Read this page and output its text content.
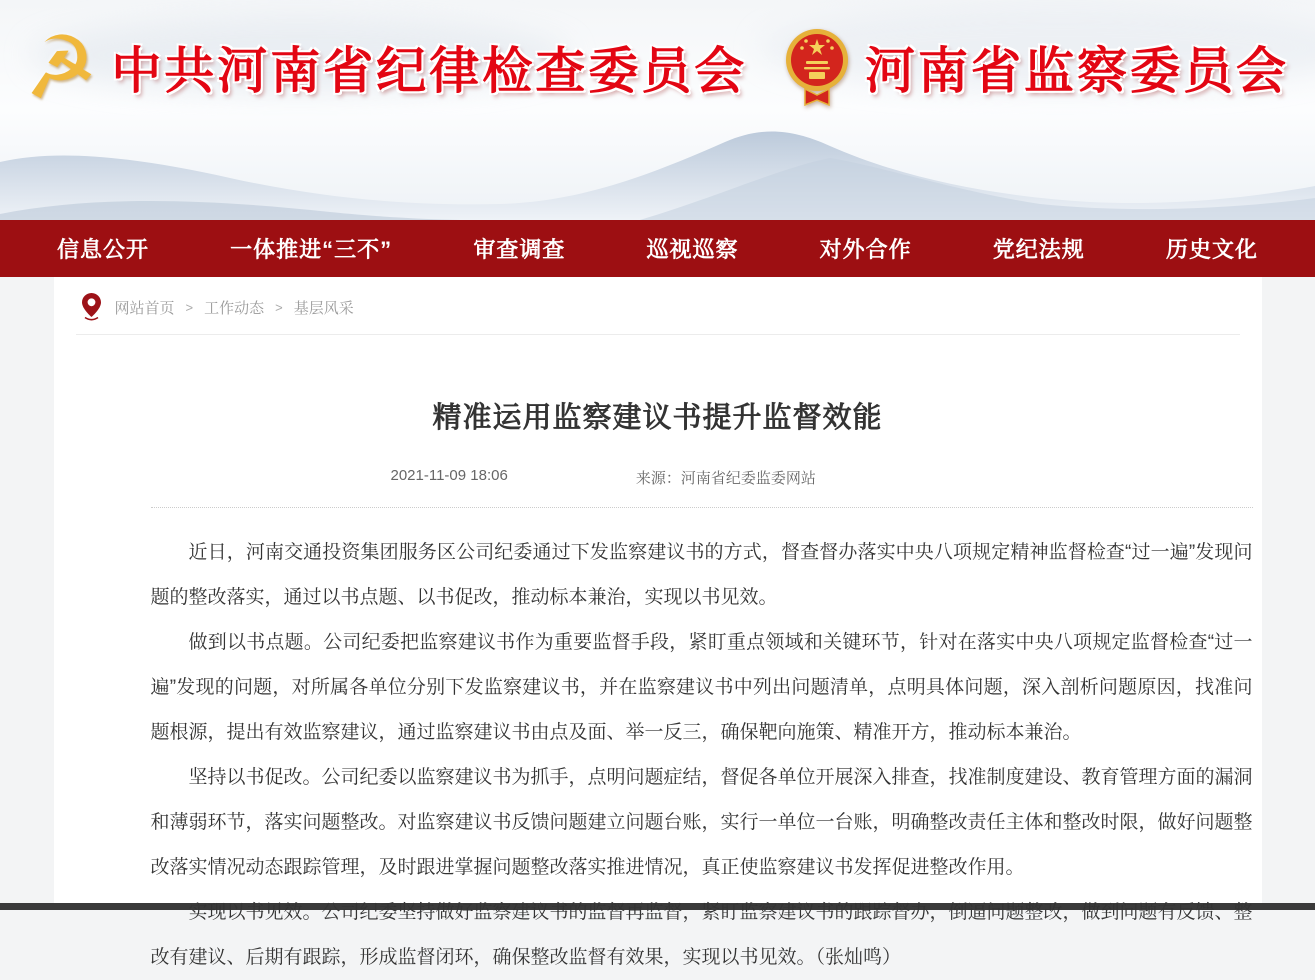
☭ 中共河南省纪律检查委员会 河南省监察委员会
信息公开	一体推进“三不”	审查调查	巡视巡察	对外合作	党纪法规	历史文化
网站首页 > 工作动态 > 基层风采
精准运用监察建议书提升监督效能
2021-11-09 18:06	来源：河南省纪委监委网站

近日，河南交通投资集团服务区公司纪委通过下发监察建议书的方式，督查督办落实中央八项规定精神监督检查“过一遍”发现问题的整改落实，通过以书点题、以书促改，推动标本兼治，实现以书见效。

做到以书点题。公司纪委把监察建议书作为重要监督手段，紧盯重点领域和关键环节，针对在落实中央八项规定监督检查“过一遍”发现的问题，对所属各单位分别下发监察建议书，并在监察建议书中列出问题清单，点明具体问题，深入剖析问题原因，找准问题根源，提出有效监察建议，通过监察建议书由点及面、举一反三，确保靶向施策、精准开方，推动标本兼治。

坚持以书促改。公司纪委以监察建议书为抓手，点明问题症结，督促各单位开展深入排查，找准制度建设、教育管理方面的漏洞和薄弱环节，落实问题整改。对监察建议书反馈问题建立问题台账，实行一单位一台账，明确整改责任主体和整改时限，做好问题整改落实情况动态跟踪管理，及时跟进掌握问题整改落实推进情况，真正使监察建议书发挥促进整改作用。

实现以书见效。公司纪委坚持做好监察建议书的监督再监督，紧盯监察建议书的跟踪督办，倒逼问题整改，做到问题有反馈、整改有建议、后期有跟踪，形成监督闭环，确保整改监督有效果，实现以书见效。（张灿鸣）
